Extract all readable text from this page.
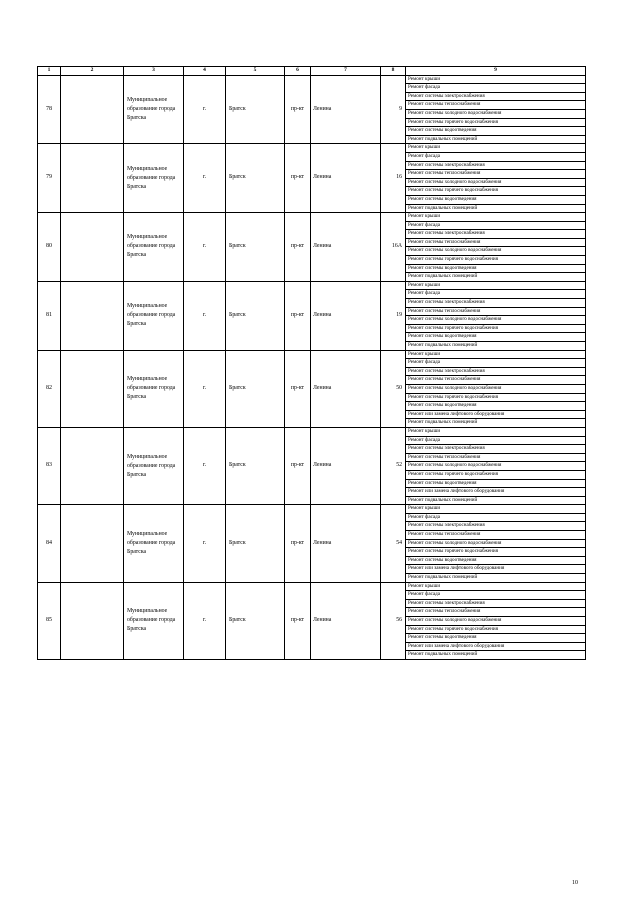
1	2	3	4	5	6	7	8	9
78		Муниципальное образование города Братска	г.	Братск	пр-кт	Ленина	9	Ремонт крыши
								Ремонт фасада
								Ремонт системы электроснабжения
								Ремонт системы теплоснабжения
								Ремонт системы холодного водоснабжения
								Ремонт системы горячего водоснабжения
								Ремонт системы водоотведения
								Ремонт подвальных помещений
79		Муниципальное образование города Братска	г.	Братск	пр-кт	Ленина	16	Ремонт крыши
								Ремонт фасада
								Ремонт системы электроснабжения
								Ремонт системы теплоснабжения
								Ремонт системы холодного водоснабжения
								Ремонт системы горячего водоснабжения
								Ремонт системы водоотведения
								Ремонт подвальных помещений
80		Муниципальное образование города Братска	г.	Братск	пр-кт	Ленина	16А	Ремонт крыши
								Ремонт фасада
								Ремонт системы электроснабжения
								Ремонт системы теплоснабжения
								Ремонт системы холодного водоснабжения
								Ремонт системы горячего водоснабжения
								Ремонт системы водоотведения
								Ремонт подвальных помещений
81		Муниципальное образование города Братска	г.	Братск	пр-кт	Ленина	19	Ремонт крыши
								Ремонт фасада
								Ремонт системы электроснабжения
								Ремонт системы теплоснабжения
								Ремонт системы холодного водоснабжения
								Ремонт системы горячего водоснабжения
								Ремонт системы водоотведения
								Ремонт подвальных помещений
82		Муниципальное образование города Братска	г.	Братск	пр-кт	Ленина	50	Ремонт крыши
								Ремонт фасада
								Ремонт системы электроснабжения
								Ремонт системы теплоснабжения
								Ремонт системы холодного водоснабжения
								Ремонт системы горячего водоснабжения
								Ремонт системы водоотведения
								Ремонт или замена лифтового оборудования
								Ремонт подвальных помещений
83		Муниципальное образование города Братска	г.	Братск	пр-кт	Ленина	52	Ремонт крыши
								Ремонт фасада
								Ремонт системы электроснабжения
								Ремонт системы теплоснабжения
								Ремонт системы холодного водоснабжения
								Ремонт системы горячего водоснабжения
								Ремонт системы водоотведения
								Ремонт или замена лифтового оборудования
								Ремонт подвальных помещений
84		Муниципальное образование города Братска	г.	Братск	пр-кт	Ленина	54	Ремонт крыши
								Ремонт фасада
								Ремонт системы электроснабжения
								Ремонт системы теплоснабжения
								Ремонт системы холодного водоснабжения
								Ремонт системы горячего водоснабжения
								Ремонт системы водоотведения
								Ремонт или замена лифтового оборудования
								Ремонт подвальных помещений
85		Муниципальное образование города Братска	г.	Братск	пр-кт	Ленина	56	Ремонт крыши
								Ремонт фасада
								Ремонт системы электроснабжения
								Ремонт системы теплоснабжения
								Ремонт системы холодного водоснабжения
								Ремонт системы горячего водоснабжения
								Ремонт системы водоотведения
								Ремонт или замена лифтового оборудования
								Ремонт подвальных помещений
10
